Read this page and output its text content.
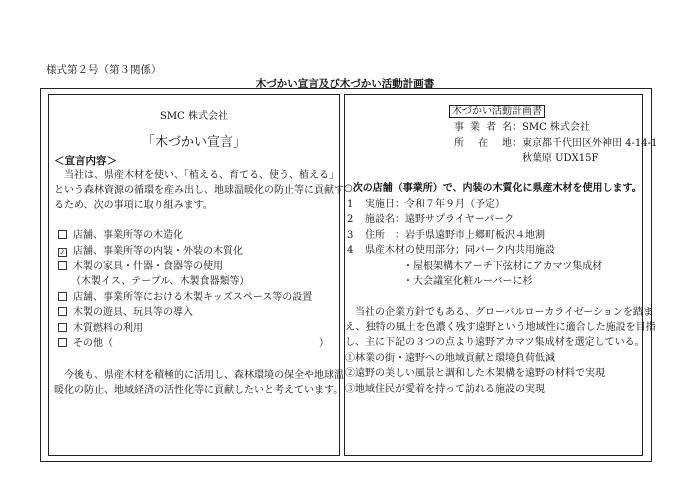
様式第２号（第３関係）
木づかい宣言及び木づかい活動計画書
SMC 株式会社
「木づかい宣言」
＜宣言内容＞
　当社は、県産木材を使い、「植える、育てる、使う、植える」
という森林資源の循環を産み出し、地球温暖化の防止等に貢献す
るため、次の事項に取り組みます。
店舗、事業所等の木造化
✓ 店舗、事業所等の内装・外装の木質化
木製の家具・什器・食器等の使用
（木製イス、テーブル、木製食器類等）
店舗、事業所等における木製キッズスペース等の設置
木製の遊具、玩具等の導入
木質燃料の利用
その他（	）
　今後も、県産木材を積極的に活用し、森林環境の保全や地球温
暖化の防止、地域経済の活性化等に貢献したいと考えています。
木づかい活動計画書
事業者名：SMC 株式会社
所在地：東京都千代田区外神田 4-14-1
秋葉原 UDX15F
○次の店舗（事業所）で、内装の木質化に県産木材を使用します。
1 実施日：令和７年９月（予定）
2 施設名：遠野サプライヤーパーク
3 住所　：岩手県遠野市上郷町板沢４地割
4 県産木材の使用部分；同パーク内共用施設
・屋根架構木アーチ下弦材にアカマツ集成材
・大会議室化粧ルーバーに杉
　当社の企業方針でもある、グローバルローカライゼーションを踏ま
え、独特の風土を色濃く残す遠野という地域性に適合した施設を目指
し、主に下記の３つの点より遠野アカマツ集成材を選定している。
①林業の街・遠野への地域貢献と環境負荷低減
②遠野の美しい風景と調和した木架構を遠野の材料で実現
③地域住民が愛着を持って訪れる施設の実現
